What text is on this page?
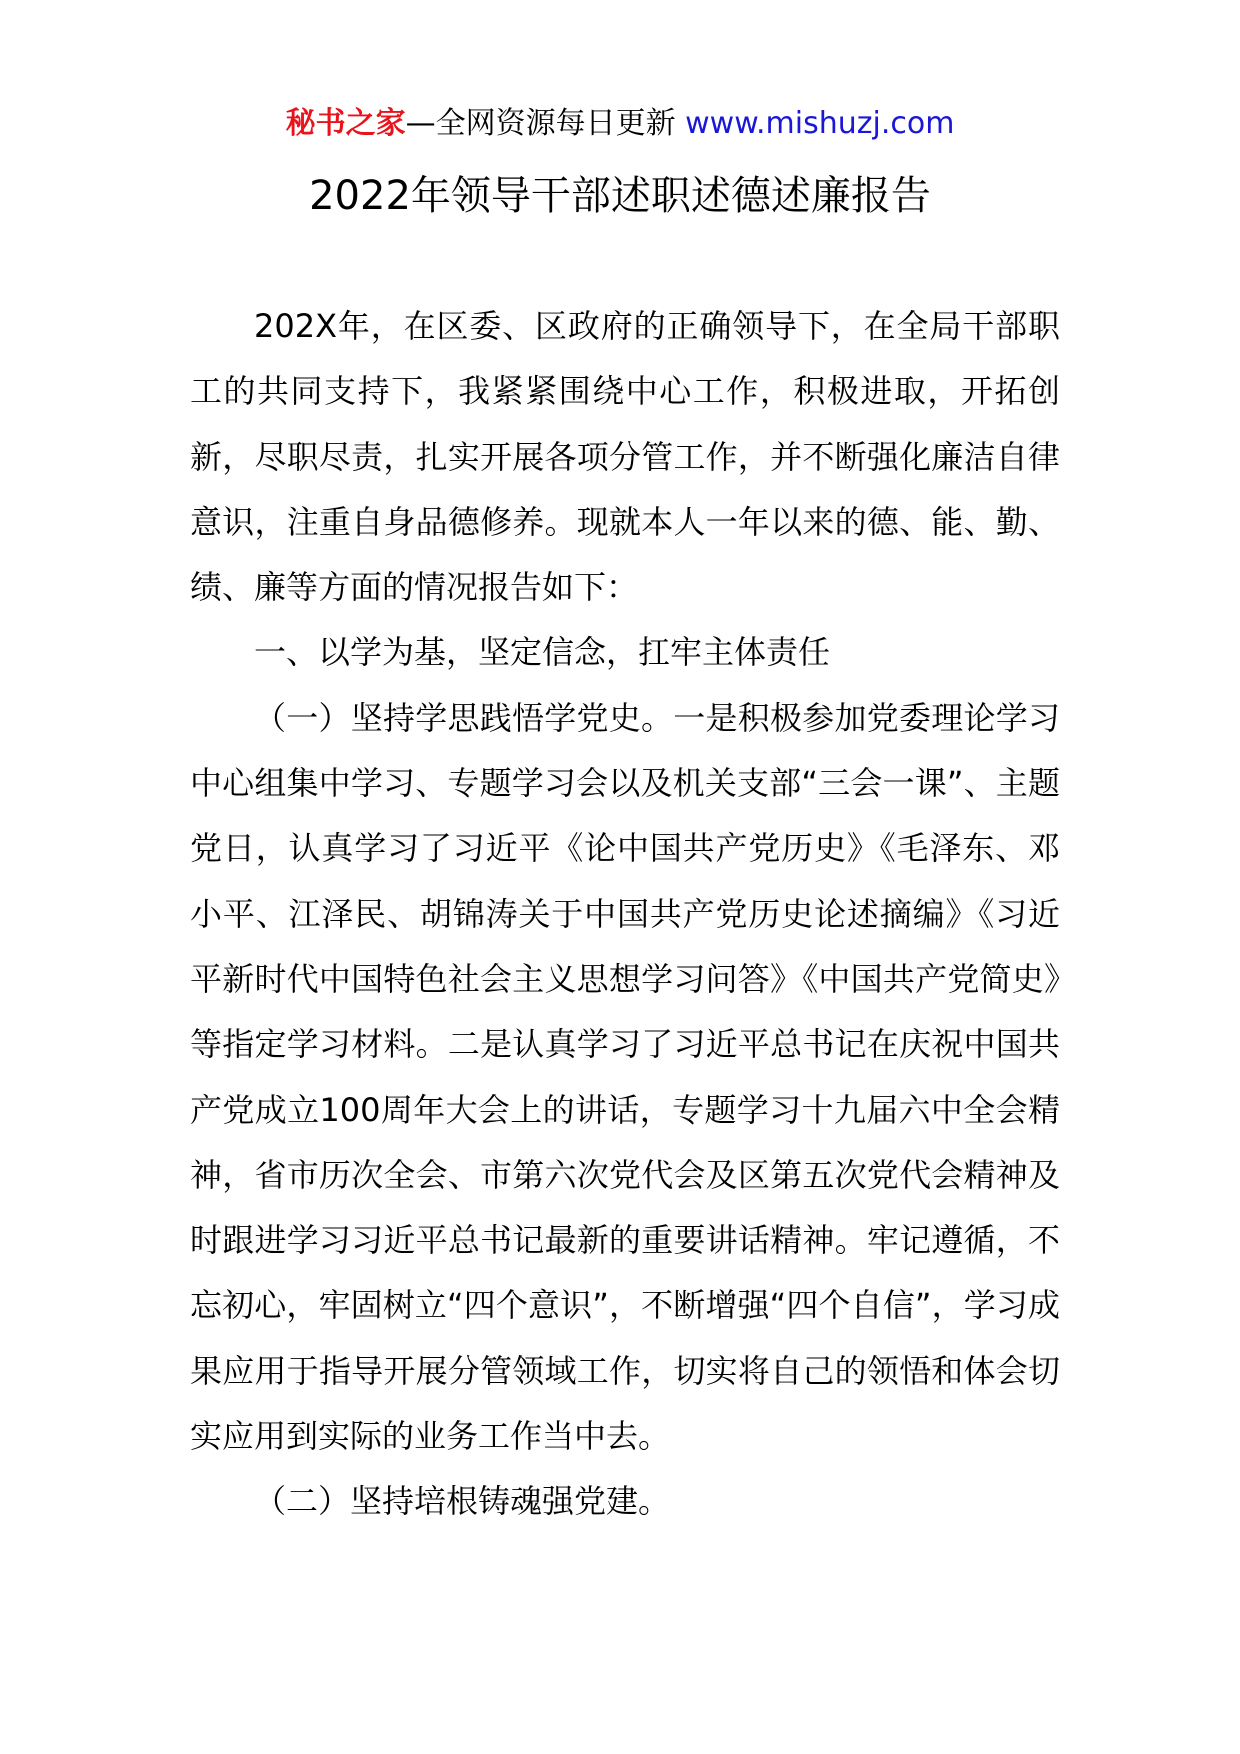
秘书之家—全网资源每日更新 www.mishuzj.com
2022年领导干部述职述德述廉报告

202X年，在区委、区政府的正确领导下，在全局干部职工的共同支持下，我紧紧围绕中心工作，积极进取，开拓创新，尽职尽责，扎实开展各项分管工作，并不断强化廉洁自律意识，注重自身品德修养。现就本人一年以来的德、能、勤、绩、廉等方面的情况报告如下：

一、以学为基，坚定信念，扛牢主体责任

（一）坚持学思践悟学党史。一是积极参加党委理论学习中心组集中学习、专题学习会以及机关支部“三会一课”、主题党日，认真学习了习近平《论中国共产党历史》《毛泽东、邓小平、江泽民、胡锦涛关于中国共产党历史论述摘编》《习近平新时代中国特色社会主义思想学习问答》《中国共产党简史》等指定学习材料。二是认真学习了习近平总书记在庆祝中国共产党成立100周年大会上的讲话，专题学习十九届六中全会精神，省市历次全会、市第六次党代会及区第五次党代会精神及时跟进学习习近平总书记最新的重要讲话精神。牢记遵循，不忘初心，牢固树立“四个意识”，不断增强“四个自信”，学习成果应用于指导开展分管领域工作，切实将自己的领悟和体会切实应用到实际的业务工作当中去。

（二）坚持培根铸魂强党建。
